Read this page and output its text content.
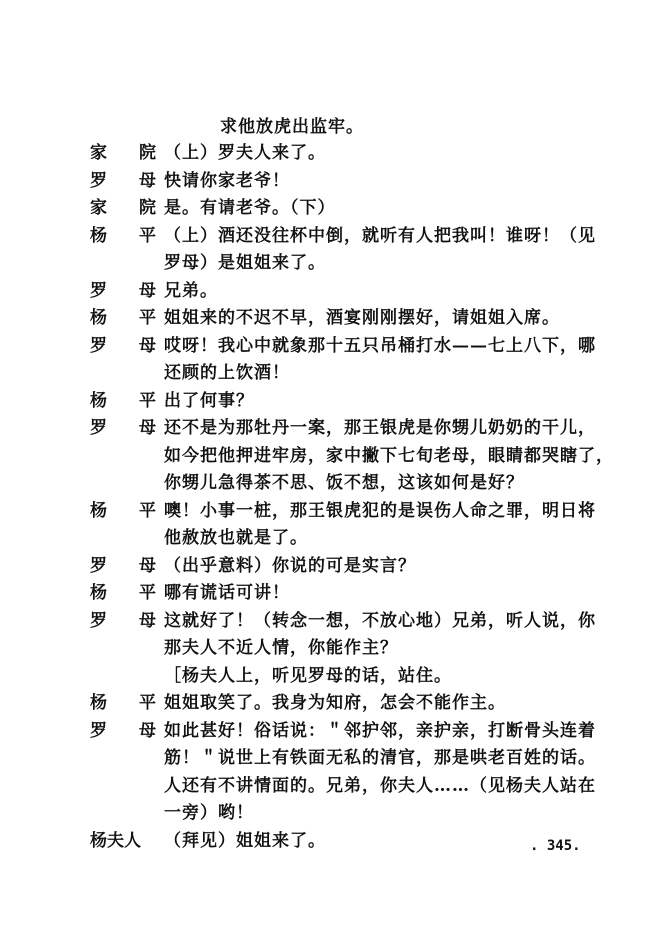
求他放虎出监牢。
家 院 （上）罗夫人来了。
罗 母 快请你家老爷！
家 院 是。有请老爷。（下）
杨 平 （上）酒还没往杯中倒，就听有人把我叫！谁呀！（见
罗母）是姐姐来了。
罗 母 兄弟。
杨 平 姐姐来的不迟不早，酒宴刚刚摆好，请姐姐入席。
罗 母 哎呀！我心中就象那十五只吊桶打水——七上八下，哪
还顾的上饮酒！
杨 平 出了何事？
罗 母 还不是为那牡丹一案，那王银虎是你甥儿奶奶的干儿，
如今把他押进牢房，家中撇下七旬老母，眼睛都哭瞎了，
你甥儿急得茶不思、饭不想，这该如何是好？
杨 平 噢！小事一桩，那王银虎犯的是误伤人命之罪，明日将
他赦放也就是了。
罗 母 （出乎意料）你说的可是实言？
杨 平 哪有谎话可讲！
罗 母 这就好了！（转念一想，不放心地）兄弟，听人说，你
那夫人不近人情，你能作主？
［杨夫人上，听见罗母的话，站住。
杨 平 姐姐取笑了。我身为知府，怎会不能作主。
罗 母 如此甚好！俗话说：＂邻护邻，亲护亲，打断骨头连着
筋！＂说世上有铁面无私的清官，那是哄老百姓的话。
人还有不讲情面的。兄弟，你夫人……（见杨夫人站在
一旁）哟！
杨夫人	（拜见）姐姐来了。	. 345.
